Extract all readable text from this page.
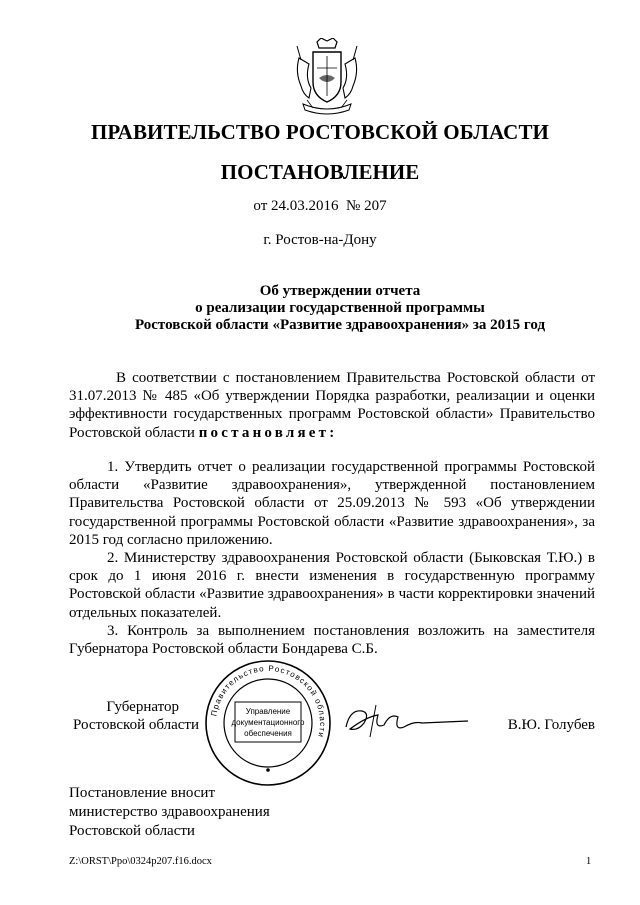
ПРАВИТЕЛЬСТВО РОСТОВСКОЙ ОБЛАСТИ
ПОСТАНОВЛЕНИЕ
от 24.03.2016  № 207
г. Ростов-на-Дону
Об утверждении отчета
о реализации государственной программы
Ростовской области «Развитие здравоохранения» за 2015 год
В соответствии с постановлением Правительства Ростовской области от 31.07.2013 № 485 «Об утверждении Порядка разработки, реализации и оценки эффективности государственных программ Ростовской области» Правительство Ростовской области постановляет:

1. Утвердить отчет о реализации государственной программы Ростовской области «Развитие здравоохранения», утвержденной постановлением Правительства Ростовской области от 25.09.2013 № 593 «Об утверждении государственной программы Ростовской области «Развитие здравоохранения», за 2015 год согласно приложению.

2. Министерству здравоохранения Ростовской области (Быковская Т.Ю.) в срок до 1 июня 2016 г. внести изменения в государственную программу Ростовской области «Развитие здравоохранения» в части корректировки значений отдельных показателей.

3. Контроль за выполнением постановления возложить на заместителя Губернатора Ростовской области Бондарева С.Б.

Губернатор
Ростовской области
Правительство Ростовской области
Управление
документационного
обеспечения
В.Ю. Голубев
Постановление вносит
министерство здравоохранения
Ростовской области
Z:\ORST\Ppo\0324p207.f16.docx	1
